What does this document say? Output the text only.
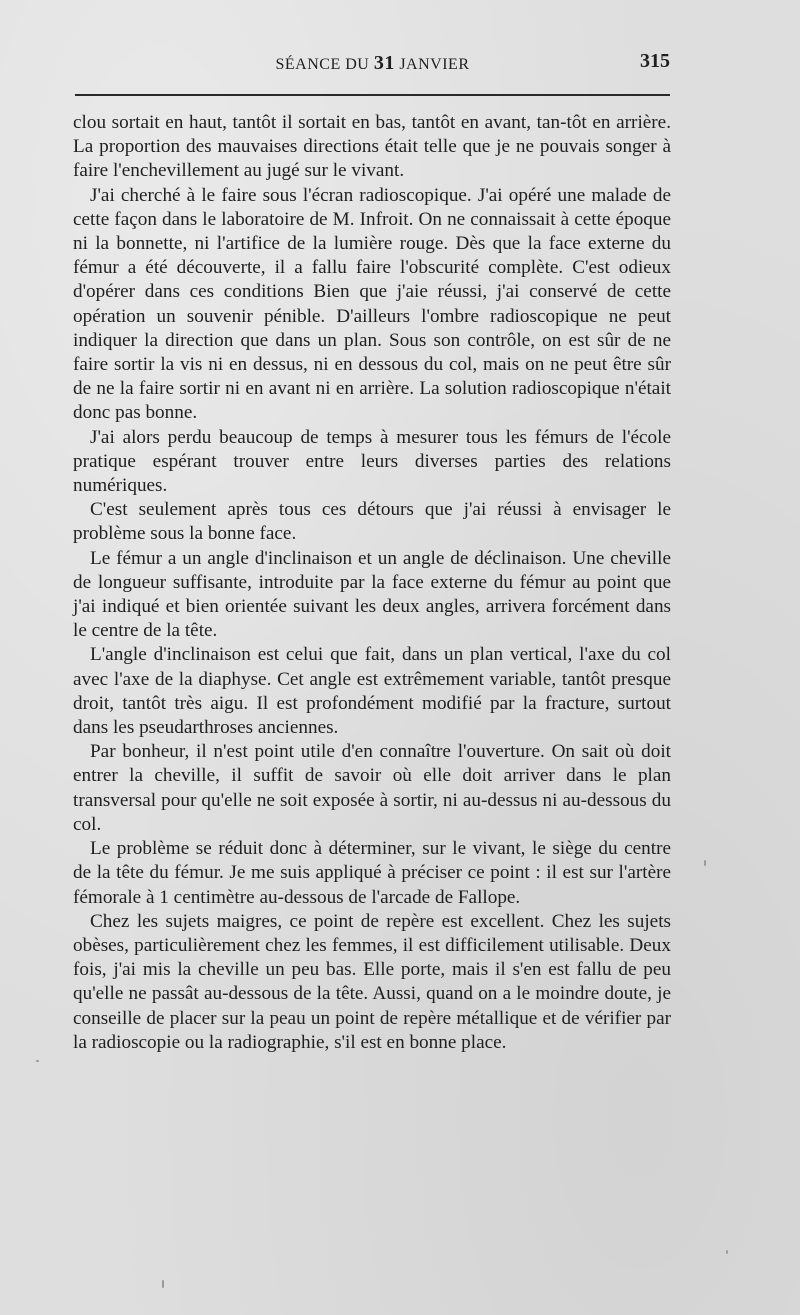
SÉANCE DU 31 JANVIER	315

clou sortait en haut, tantôt il sortait en bas, tantôt en avant, tan-tôt en arrière. La proportion des mauvaises directions était telle que je ne pouvais songer à faire l'enchevillement au jugé sur le vivant.

J'ai cherché à le faire sous l'écran radioscopique. J'ai opéré une malade de cette façon dans le laboratoire de M. Infroit. On ne connaissait à cette époque ni la bonnette, ni l'artifice de la lumière rouge. Dès que la face externe du fémur a été découverte, il a fallu faire l'obscurité complète. C'est odieux d'opérer dans ces conditions Bien que j'aie réussi, j'ai conservé de cette opération un souvenir pénible. D'ailleurs l'ombre radioscopique ne peut indiquer la direction que dans un plan. Sous son contrôle, on est sûr de ne faire sortir la vis ni en dessus, ni en dessous du col, mais on ne peut être sûr de ne la faire sortir ni en avant ni en arrière. La solution radioscopique n'était donc pas bonne.

J'ai alors perdu beaucoup de temps à mesurer tous les fémurs de l'école pratique espérant trouver entre leurs diverses parties des relations numériques.

C'est seulement après tous ces détours que j'ai réussi à envisager le problème sous la bonne face.

Le fémur a un angle d'inclinaison et un angle de déclinaison. Une cheville de longueur suffisante, introduite par la face externe du fémur au point que j'ai indiqué et bien orientée suivant les deux angles, arrivera forcément dans le centre de la tête.

L'angle d'inclinaison est celui que fait, dans un plan vertical, l'axe du col avec l'axe de la diaphyse. Cet angle est extrêmement variable, tantôt presque droit, tantôt très aigu. Il est profondément modifié par la fracture, surtout dans les pseudarthroses anciennes.

Par bonheur, il n'est point utile d'en connaître l'ouverture. On sait où doit entrer la cheville, il suffit de savoir où elle doit arriver dans le plan transversal pour qu'elle ne soit exposée à sortir, ni au-dessus ni au-dessous du col.

Le problème se réduit donc à déterminer, sur le vivant, le siège du centre de la tête du fémur. Je me suis appliqué à préciser ce point : il est sur l'artère fémorale à 1 centimètre au-dessous de l'arcade de Fallope.

Chez les sujets maigres, ce point de repère est excellent. Chez les sujets obèses, particulièrement chez les femmes, il est difficilement utilisable. Deux fois, j'ai mis la cheville un peu bas. Elle porte, mais il s'en est fallu de peu qu'elle ne passât au-dessous de la tête. Aussi, quand on a le moindre doute, je conseille de placer sur la peau un point de repère métallique et de vérifier par la radioscopie ou la radiographie, s'il est en bonne place.
